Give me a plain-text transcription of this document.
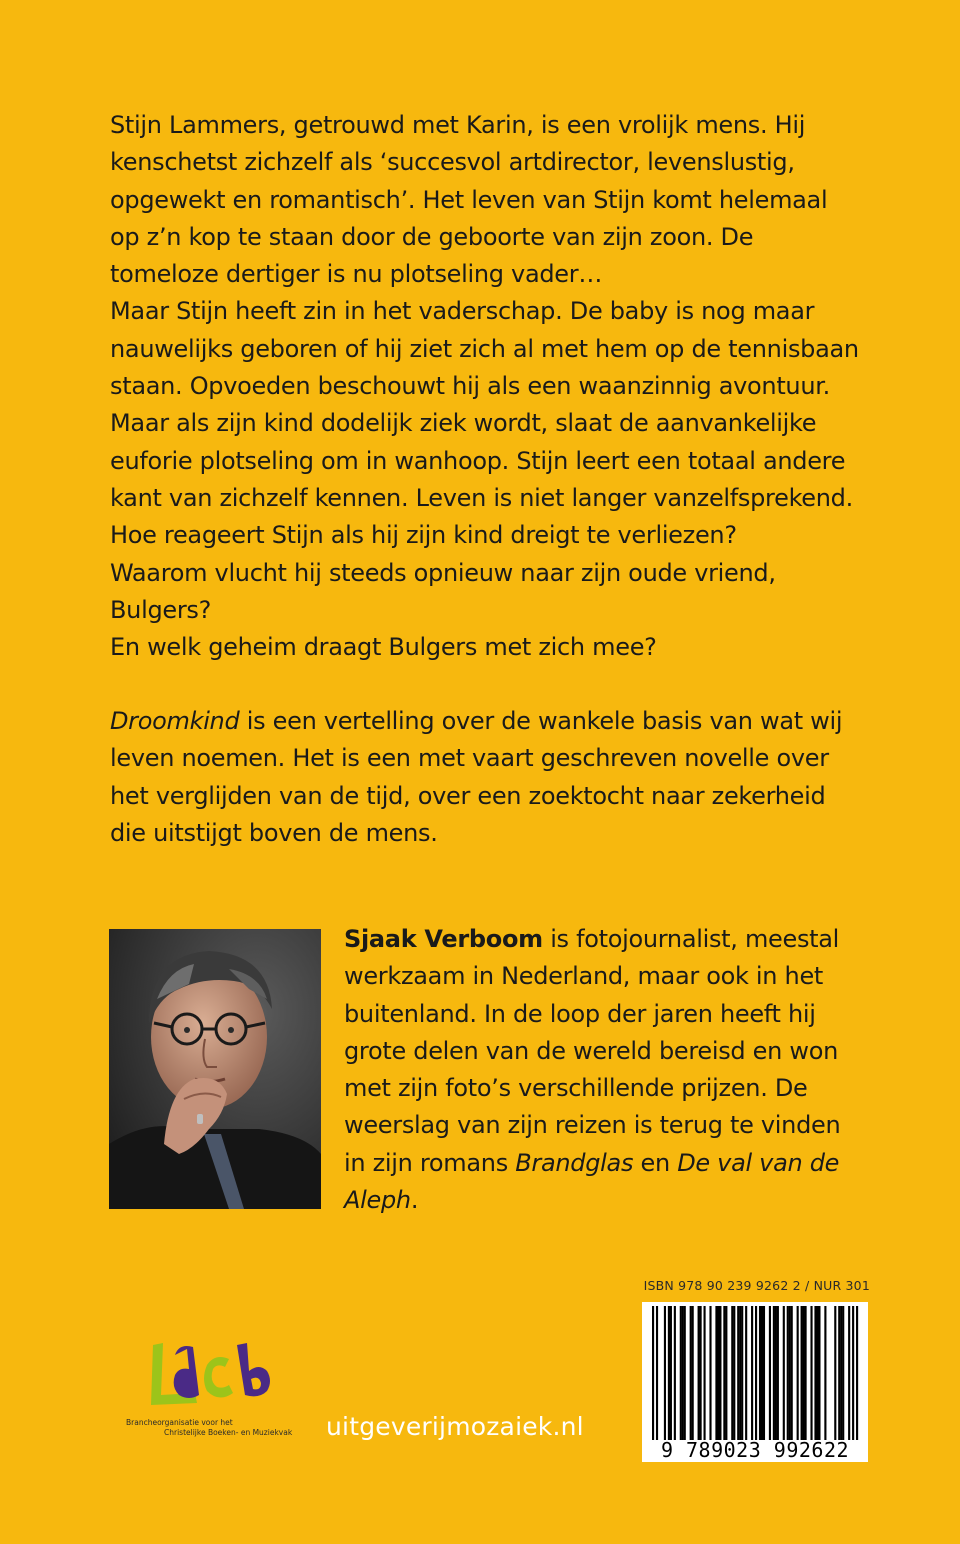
Stijn Lammers, getrouwd met Karin, is een vrolijk mens. Hij

kenschetst zichzelf als ‘succesvol artdirector, levenslustig,

opgewekt en romantisch’. Het leven van Stijn komt helemaal

op z’n kop te staan door de geboorte van zijn zoon. De

tomeloze dertiger is nu plotseling vader…

Maar Stijn heeft zin in het vaderschap. De baby is nog maar

nauwelijks geboren of hij ziet zich al met hem op de tennisbaan

staan. Opvoeden beschouwt hij als een waanzinnig avontuur.

Maar als zijn kind dodelijk ziek wordt, slaat de aanvankelijke

euforie plotseling om in wanhoop. Stijn leert een totaal andere

kant van zichzelf kennen. Leven is niet langer vanzelfsprekend.

Hoe reageert Stijn als hij zijn kind dreigt te verliezen?

Waarom vlucht hij steeds opnieuw naar zijn oude vriend,

Bulgers?

En welk geheim draagt Bulgers met zich mee?

Droomkind is een vertelling over de wankele basis van wat wij

leven noemen. Het is een met vaart geschreven novelle over

het verglijden van de tijd, over een zoektocht naar zekerheid

die uitstijgt boven de mens.

Sjaak Verboom is fotojournalist, meestal

werkzaam in Nederland, maar ook in het

buitenland. In de loop der jaren heeft hij

grote delen van de wereld bereisd en won

met zijn foto’s verschillende prijzen. De

weerslag van zijn reizen is terug te vinden

in zijn romans Brandglas en De val van de

Aleph.

ISBN 978 90 239 9262 2 / NUR 301
9 789023 992622
Brancheorganisatie voor het
Christelijke Boeken- en Muziekvak	uitgeverijmozaiek.nl
